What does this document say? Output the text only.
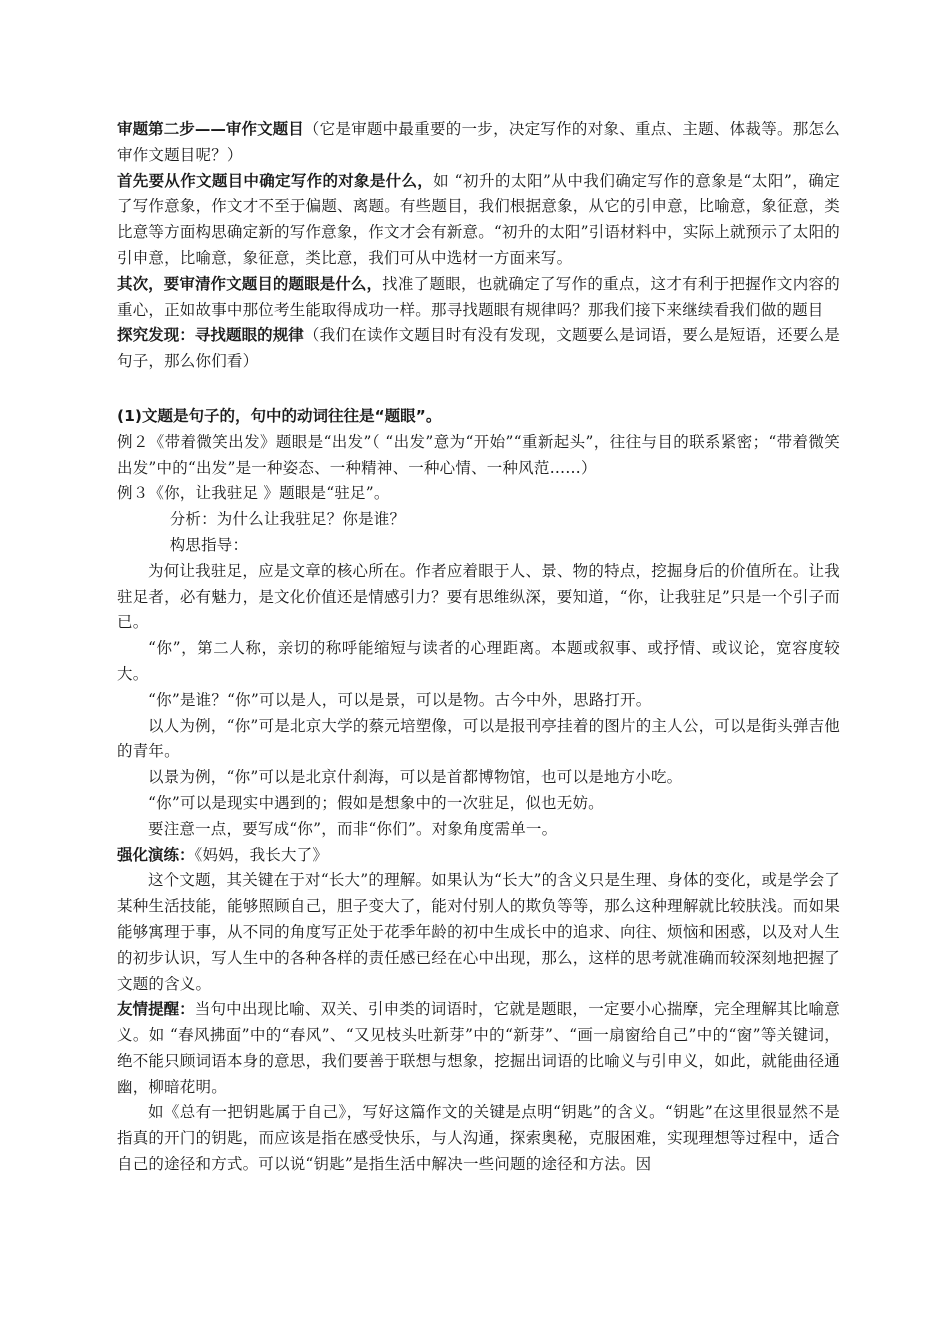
审题第二步——审作文题目（它是审题中最重要的一步，决定写作的对象、重点、主题、体裁等。那怎么审作文题目呢？）

首先要从作文题目中确定写作的对象是什么，如 “初升的太阳”从中我们确定写作的意象是“太阳”，确定了写作意象，作文才不至于偏题、离题。有些题目，我们根据意象，从它的引申意，比喻意，象征意，类比意等方面构思确定新的写作意象，作文才会有新意。“初升的太阳”引语材料中，实际上就预示了太阳的引申意，比喻意，象征意，类比意，我们可从中选材一方面来写。

其次，要审清作文题目的题眼是什么，找准了题眼，也就确定了写作的重点，这才有利于把握作文内容的重心，正如故事中那位考生能取得成功一样。那寻找题眼有规律吗？那我们接下来继续看我们做的题目

探究发现：寻找题眼的规律（我们在读作文题目时有没有发现，文题要么是词语，要么是短语，还要么是句子，那么你们看）

(1)文题是句子的，句中的动词往往是“题眼”。

例２《带着微笑出发》题眼是“出发”（ “出发”意为“开始”“重新起头”，往往与目的联系紧密；“带着微笑出发”中的“出发”是一种姿态、一种精神、一种心情、一种风范……）

例３《你，让我驻足 》题眼是“驻足”。

分析：为什么让我驻足？你是谁？

构思指导：

为何让我驻足，应是文章的核心所在。作者应着眼于人、景、物的特点，挖掘身后的价值所在。让我驻足者，必有魅力，是文化价值还是情感引力？要有思维纵深，要知道，“你，让我驻足”只是一个引子而已。

“你”，第二人称，亲切的称呼能缩短与读者的心理距离。本题或叙事、或抒情、或议论，宽容度较大。

“你”是谁？“你”可以是人，可以是景，可以是物。古今中外，思路打开。

以人为例，“你”可是北京大学的蔡元培塑像，可以是报刊亭挂着的图片的主人公，可以是街头弹吉他的青年。

以景为例，“你”可以是北京什刹海，可以是首都博物馆，也可以是地方小吃。

“你”可以是现实中遇到的；假如是想象中的一次驻足，似也无妨。

要注意一点，要写成“你”，而非“你们”。对象角度需单一。

强化演练：《妈妈，我长大了》

这个文题，其关键在于对“长大”的理解。如果认为“长大”的含义只是生理、身体的变化，或是学会了某种生活技能，能够照顾自己，胆子变大了，能对付别人的欺负等等，那么这种理解就比较肤浅。而如果能够寓理于事，从不同的角度写正处于花季年龄的初中生成长中的追求、向往、烦恼和困惑，以及对人生的初步认识，写人生中的各种各样的责任感已经在心中出现，那么，这样的思考就准确而较深刻地把握了文题的含义。

友情提醒：当句中出现比喻、双关、引申类的词语时，它就是题眼，一定要小心揣摩，完全理解其比喻意义。如 “春风拂面”中的“春风”、“又见枝头吐新芽”中的“新芽”、“画一扇窗给自己”中的“窗”等关键词，绝不能只顾词语本身的意思，我们要善于联想与想象，挖掘出词语的比喻义与引申义，如此，就能曲径通幽，柳暗花明。

如《总有一把钥匙属于自己》，写好这篇作文的关键是点明“钥匙”的含义。“钥匙”在这里很显然不是指真的开门的钥匙，而应该是指在感受快乐，与人沟通，探索奥秘，克服困难，实现理想等过程中，适合自己的途径和方式。可以说“钥匙”是指生活中解决一些问题的途径和方法。因
